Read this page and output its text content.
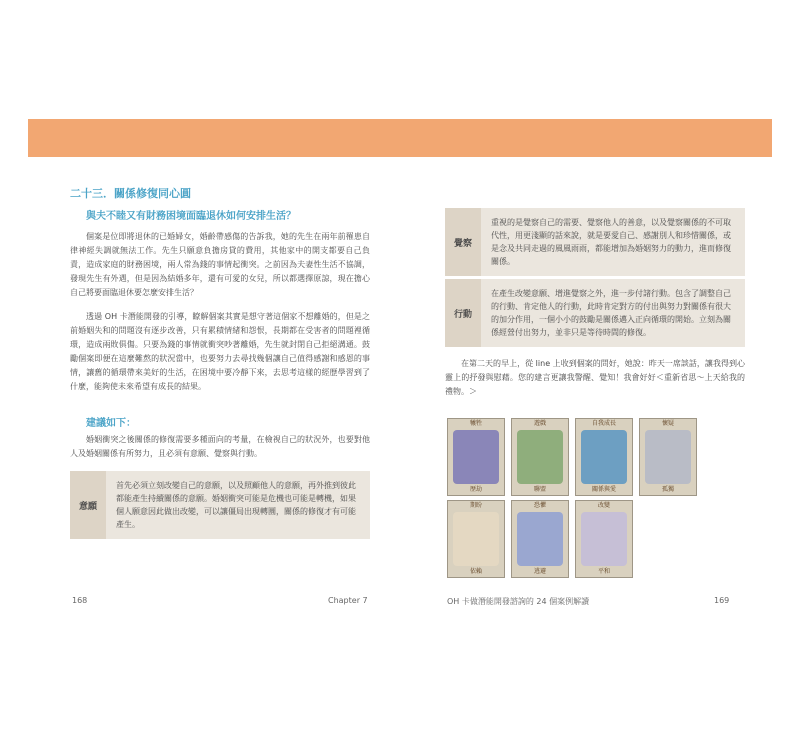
二十三．關係修復同心圓
與夫不睦又有財務困境面臨退休如何安排生活？

個案是位即將退休的已婚婦女，婚齡帶感傷的告訴我，她的先生在兩年前罹患自律神經失調就無法工作。先生只願意負擔房貸的費用，其他家中的開支都要自己負責，造成家庭的財務困境，兩人常為錢的事情起衝突。之前因為夫妻性生活不協調，發現先生有外遇，但是因為結婚多年，還有可愛的女兒，所以都選擇原諒，現在擔心自己將要面臨退休要怎麼安排生活？

透過 OH 卡潛能開發的引導，瞭解個案其實是想守著這個家不想離婚的，但是之前婚姻失和的問題沒有逐步改善，只有累積情緒和怨恨，長期都在受害者的問題裡循環，造成兩敗俱傷。只要為錢的事情就衝突吵著離婚，先生就封閉自己拒絕溝通。鼓勵個案即便在這麼難熬的狀況當中，也要努力去尋找幾個讓自己值得感謝和感恩的事情，讓舊的循環帶來美好的生活，在困境中要冷靜下來，去思考這樣的經歷學習到了什麼，能夠使未來希望有成長的結果。

建議如下：

婚姻衝突之後關係的修復需要多種面向的考量，在檢視自己的狀況外，也要對他人及婚姻關係有所努力，且必須有意願、覺察與行動。

意願
首先必須立刻改變自己的意願，以及照顧他人的意願，再外推到彼此都能產生持續關係的意願。婚姻衝突可能是危機也可能是轉機，如果個人願意因此做出改變，可以讓僵局出現轉圜，關係的修復才有可能產生。
168	Chapter 7
覺察
重視的是覺察自己的需要、覺察他人的善意，以及覺察關係的不可取代性，用更淺顯的話來說，就是要愛自己、感謝別人和珍惜關係，或是念及共同走過的風風雨雨，都能增加為婚姻努力的動力，進而修復關係。
行動
在產生改變意願、增進覺察之外，進一步付諸行動。包含了調整自己的行動、肯定他人的行動，此時肯定對方的付出與努力對關係有很大的加分作用，一個小小的鼓勵是關係邁入正向循環的開始。立刻為關係經營付出努力，並非只是等待時間的修復。

在第二天的早上，從 line 上收到個案的問好，她說：昨天一席談話，讓我得到心靈上的抒發與慰藉。您的建言更讓我警醒、覺知！我會好好＜重新省思～上天給我的禮物。＞

犧牲
歷劫
遊戲
聯盟
自我成長
關係與愛
懷疑
孤獨
期盼
依賴
恐懼
逃避
改變
平和
OH 卡做潛能開發諮詢的 24 個案例解讀	169
